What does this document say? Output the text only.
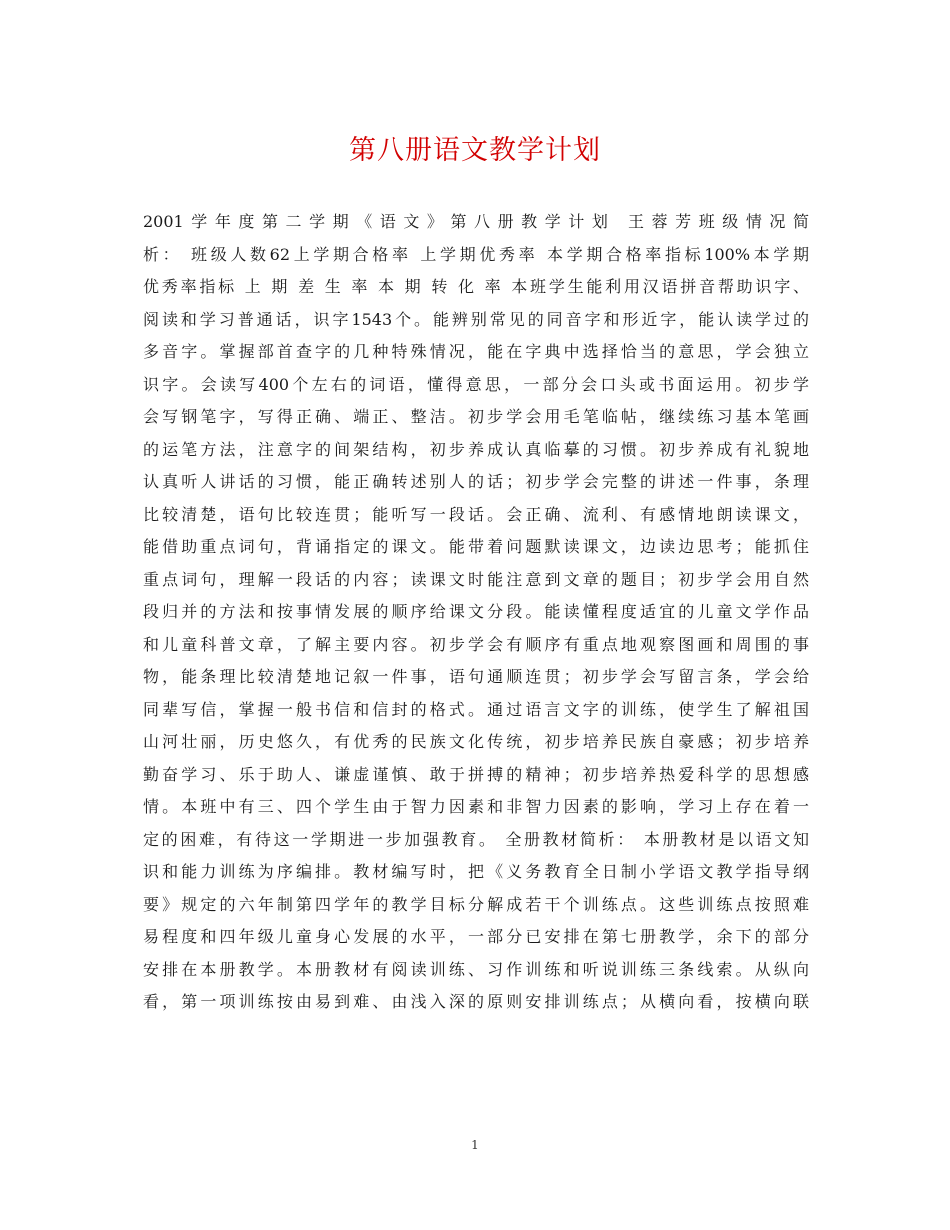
第八册语文教学计划
2001学年度第二学期《语文》第八册教学计划 王蓉芳班级情况简
析： 班级人数62上学期合格率 上学期优秀率 本学期合格率指标100%本学期
优秀率指标 上 期 差 生 率 本 期 转 化 率 本班学生能利用汉语拼音帮助识字、
阅读和学习普通话，识字1543个。能辨别常见的同音字和形近字，能认读学过的
多音字。掌握部首查字的几种特殊情况，能在字典中选择恰当的意思，学会独立
识字。会读写400个左右的词语，懂得意思，一部分会口头或书面运用。初步学
会写钢笔字，写得正确、端正、整洁。初步学会用毛笔临帖，继续练习基本笔画
的运笔方法，注意字的间架结构，初步养成认真临摹的习惯。初步养成有礼貌地
认真听人讲话的习惯，能正确转述别人的话；初步学会完整的讲述一件事，条理
比较清楚，语句比较连贯；能听写一段话。会正确、流利、有感情地朗读课文，
能借助重点词句，背诵指定的课文。能带着问题默读课文，边读边思考；能抓住
重点词句，理解一段话的内容；读课文时能注意到文章的题目；初步学会用自然
段归并的方法和按事情发展的顺序给课文分段。能读懂程度适宜的儿童文学作品
和儿童科普文章，了解主要内容。初步学会有顺序有重点地观察图画和周围的事
物，能条理比较清楚地记叙一件事，语句通顺连贯；初步学会写留言条，学会给
同辈写信，掌握一般书信和信封的格式。通过语言文字的训练，使学生了解祖国
山河壮丽，历史悠久，有优秀的民族文化传统，初步培养民族自豪感；初步培养
勤奋学习、乐于助人、谦虚谨慎、敢于拼搏的精神；初步培养热爱科学的思想感
情。本班中有三、四个学生由于智力因素和非智力因素的影响，学习上存在着一
定的困难，有待这一学期进一步加强教育。 全册教材简析： 本册教材是以语文知
识和能力训练为序编排。教材编写时，把《义务教育全日制小学语文教学指导纲
要》规定的六年制第四学年的教学目标分解成若干个训练点。这些训练点按照难
易程度和四年级儿童身心发展的水平，一部分已安排在第七册教学，余下的部分
安排在本册教学。本册教材有阅读训练、习作训练和听说训练三条线索。从纵向
看，第一项训练按由易到难、由浅入深的原则安排训练点；从横向看，按横向联
1
